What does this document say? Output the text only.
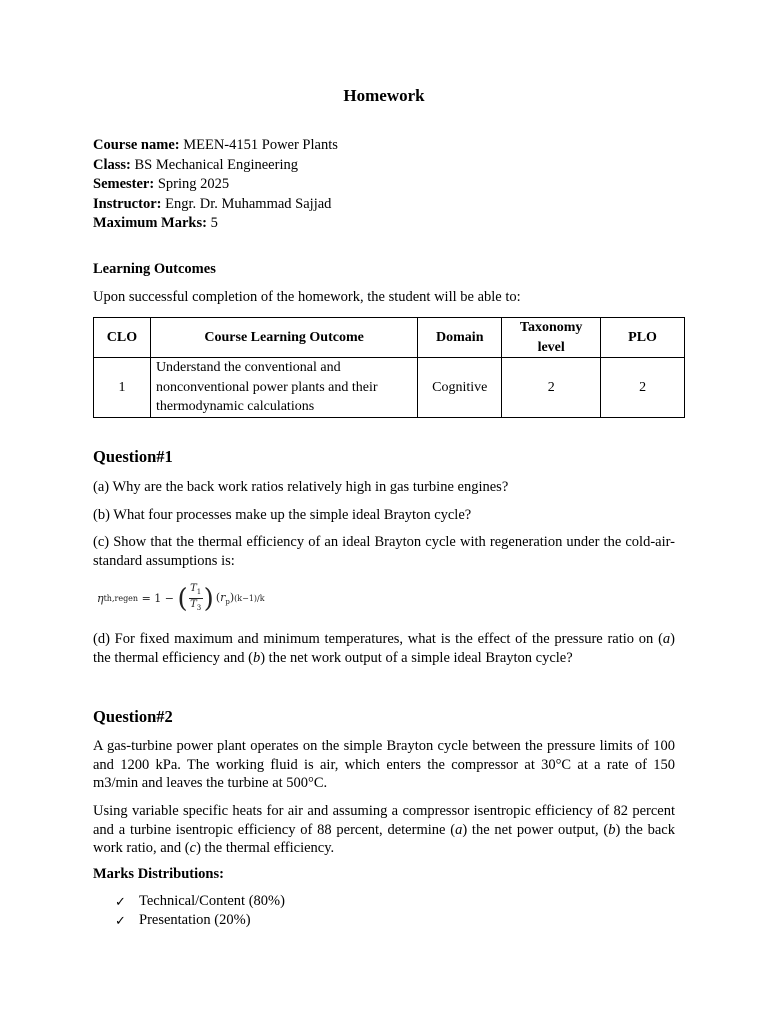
Homework
Course name: MEEN-4151 Power Plants
Class: BS Mechanical Engineering
Semester: Spring 2025
Instructor: Engr. Dr. Muhammad Sajjad
Maximum Marks: 5
Learning Outcomes
Upon successful completion of the homework, the student will be able to:
CLO	Course Learning Outcome	Domain	Taxonomy level	PLO
1	Understand the conventional and nonconventional power plants and their thermodynamic calculations	Cognitive	2	2
Question#1
(a) Why are the back work ratios relatively high in gas turbine engines?
(b) What four processes make up the simple ideal Brayton cycle?
(c) Show that the thermal efficiency of an ideal Brayton cycle with regeneration under the cold-air-standard assumptions is:
η th,regen = 1 − ( $\frac{T_1}{T_3}$ ) $(r_p)$ (k−1)/k
(d) For fixed maximum and minimum temperatures, what is the effect of the pressure ratio on (a) the thermal efficiency and (b) the net work output of a simple ideal Brayton cycle?
Question#2
A gas-turbine power plant operates on the simple Brayton cycle between the pressure limits of 100 and 1200 kPa. The working fluid is air, which enters the compressor at 30°C at a rate of 150 m3/min and leaves the turbine at 500°C.
Using variable specific heats for air and assuming a compressor isentropic efficiency of 82 percent and a turbine isentropic efficiency of 88 percent, determine (a) the net power output, (b) the back work ratio, and (c) the thermal efficiency.
Marks Distributions:
✓ Technical/Content (80%)
✓ Presentation (20%)
